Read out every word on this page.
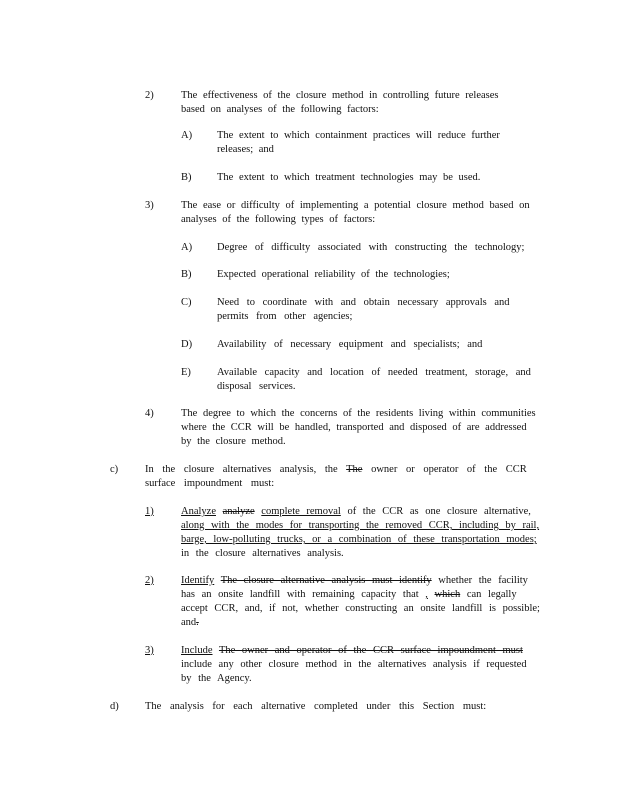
2)	The effectiveness of the closure method in controlling future releases based on analyses of the following factors:

A) The extent to which containment practices will reduce further releases; and

B) The extent to which treatment technologies may be used.

3)	The ease or difficulty of implementing a potential closure method based on analyses of the following types of factors:

A) Degree of difficulty associated with constructing the technology;

B) Expected operational reliability of the technologies;

C) Need to coordinate with and obtain necessary approvals and permits from other agencies;

D) Availability of necessary equipment and specialists; and

E) Available capacity and location of needed treatment, storage, and disposal services.

4)	The degree to which the concerns of the residents living within communities where the CCR will be handled, transported and disposed of are addressed by the closure method.

c)	In the closure alternatives analysis, the The owner or operator of the CCR surface impoundment must:

1)	Analyze analyze complete removal of the CCR as one closure alternative, along with the modes for transporting the removed CCR, including by rail, barge, low-polluting trucks, or a combination of these transportation modes; in the closure alternatives analysis.

2)	Identify The closure alternative analysis must identify whether the facility has an onsite landfill with remaining capacity that , which can legally accept CCR, and, if not, whether constructing an onsite landfill is possible; and.

3)	Include The owner and operator of the CCR surface impoundment must include any other closure method in the alternatives analysis if requested by the Agency.

d)	The analysis for each alternative completed under this Section must:
